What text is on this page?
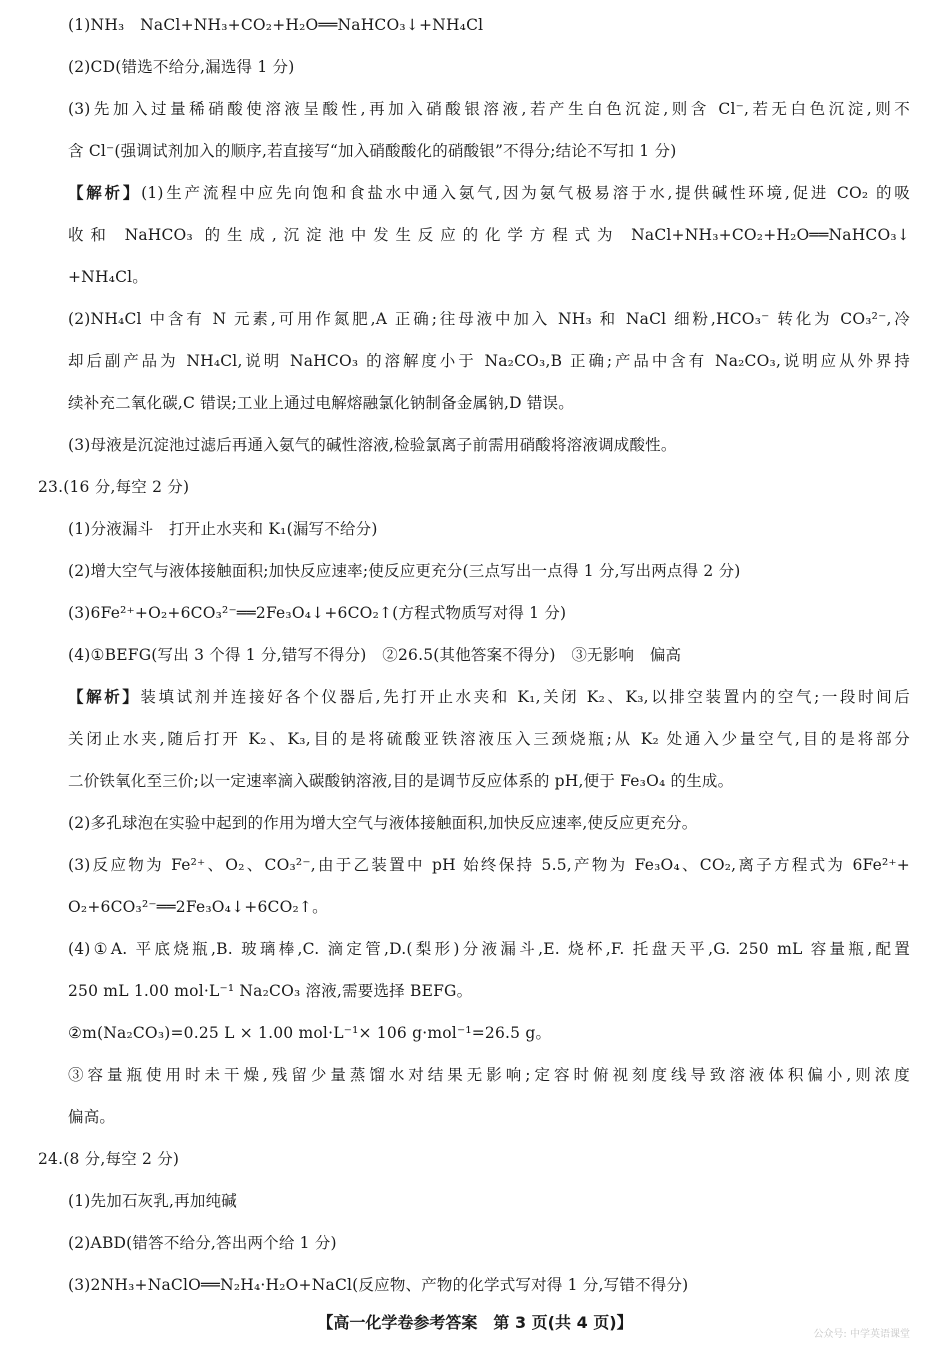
(1)NH₃　NaCl+NH₃+CO₂+H₂O══NaHCO₃↓+NH₄Cl
(2)CD(错选不给分,漏选得 1 分)
(3)先加入过量稀硝酸使溶液呈酸性,再加入硝酸银溶液,若产生白色沉淀,则含 Cl⁻,若无白色沉淀,则不
含 Cl⁻(强调试剂加入的顺序,若直接写“加入硝酸酸化的硝酸银”不得分;结论不写扣 1 分)
【解析】(1)生产流程中应先向饱和食盐水中通入氨气,因为氨气极易溶于水,提供碱性环境,促进 CO₂ 的吸
收和 NaHCO₃ 的生成,沉淀池中发生反应的化学方程式为 NaCl+NH₃+CO₂+H₂O══NaHCO₃↓
+NH₄Cl。
(2)NH₄Cl 中含有 N 元素,可用作氮肥,A 正确;往母液中加入 NH₃ 和 NaCl 细粉,HCO₃⁻ 转化为 CO₃²⁻,冷
却后副产品为 NH₄Cl,说明 NaHCO₃ 的溶解度小于 Na₂CO₃,B 正确;产品中含有 Na₂CO₃,说明应从外界持
续补充二氧化碳,C 错误;工业上通过电解熔融氯化钠制备金属钠,D 错误。
(3)母液是沉淀池过滤后再通入氨气的碱性溶液,检验氯离子前需用硝酸将溶液调成酸性。
23.(16 分,每空 2 分)
(1)分液漏斗　打开止水夹和 K₁(漏写不给分)
(2)增大空气与液体接触面积;加快反应速率;使反应更充分(三点写出一点得 1 分,写出两点得 2 分)
(3)6Fe²⁺+O₂+6CO₃²⁻══2Fe₃O₄↓+6CO₂↑(方程式物质写对得 1 分)
(4)①BEFG(写出 3 个得 1 分,错写不得分)　②26.5(其他答案不得分)　③无影响　偏高
【解析】装填试剂并连接好各个仪器后,先打开止水夹和 K₁,关闭 K₂、K₃,以排空装置内的空气;一段时间后
关闭止水夹,随后打开 K₂、K₃,目的是将硫酸亚铁溶液压入三颈烧瓶;从 K₂ 处通入少量空气,目的是将部分
二价铁氧化至三价;以一定速率滴入碳酸钠溶液,目的是调节反应体系的 pH,便于 Fe₃O₄ 的生成。
(2)多孔球泡在实验中起到的作用为增大空气与液体接触面积,加快反应速率,使反应更充分。
(3)反应物为 Fe²⁺、O₂、CO₃²⁻,由于乙装置中 pH 始终保持 5.5,产物为 Fe₃O₄、CO₂,离子方程式为 6Fe²⁺+
O₂+6CO₃²⁻══2Fe₃O₄↓+6CO₂↑。
(4)①A. 平底烧瓶,B. 玻璃棒,C. 滴定管,D.(梨形)分液漏斗,E. 烧杯,F. 托盘天平,G. 250 mL 容量瓶,配置
250 mL 1.00 mol·L⁻¹ Na₂CO₃ 溶液,需要选择 BEFG。
②m(Na₂CO₃)=0.25 L × 1.00 mol·L⁻¹× 106 g·mol⁻¹=26.5 g。
③容量瓶使用时未干燥,残留少量蒸馏水对结果无影响;定容时俯视刻度线导致溶液体积偏小,则浓度
偏高。
24.(8 分,每空 2 分)
(1)先加石灰乳,再加纯碱
(2)ABD(错答不给分,答出两个给 1 分)
(3)2NH₃+NaClO══N₂H₄·H₂O+NaCl(反应物、产物的化学式写对得 1 分,写错不得分)
【高一化学卷参考答案　第 3 页(共 4 页)】
公众号: 中学英语课堂
